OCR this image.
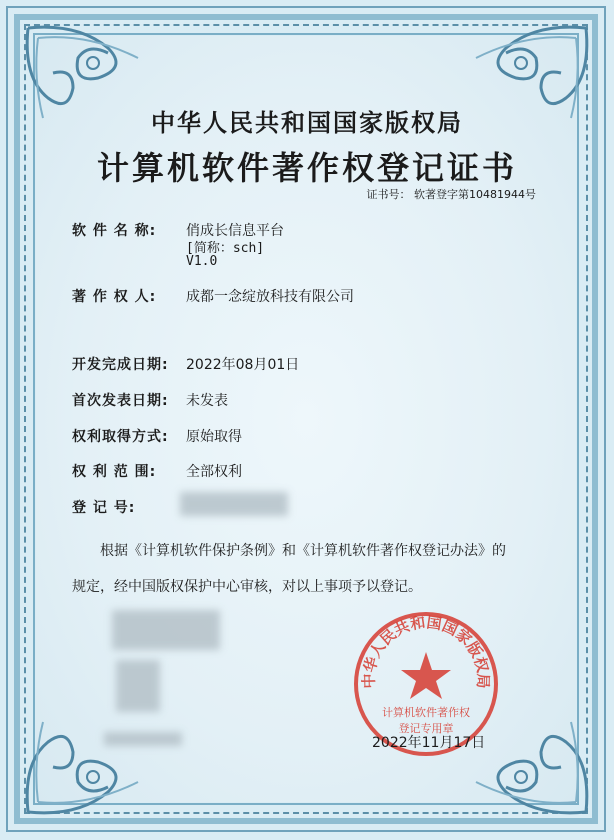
中华人民共和国国家版权局
计算机软件著作权登记证书
证书号： 软著登字第10481944号
软 件 名 称: 俏成长信息平台
[简称：sch]
V1.0
著 作 权 人: 成都一念绽放科技有限公司
开发完成日期: 2022年08月01日
首次发表日期: 未发表
权利取得方式: 原始取得
权 利 范 围: 全部权利
登 记 号:
根据《计算机软件保护条例》和《计算机软件著作权登记办法》的
规定，经中国版权保护中心审核，对以上事项予以登记。
中华人民共和国国家版权局
计算机软件著作权
登记专用章
2022年11月17日
